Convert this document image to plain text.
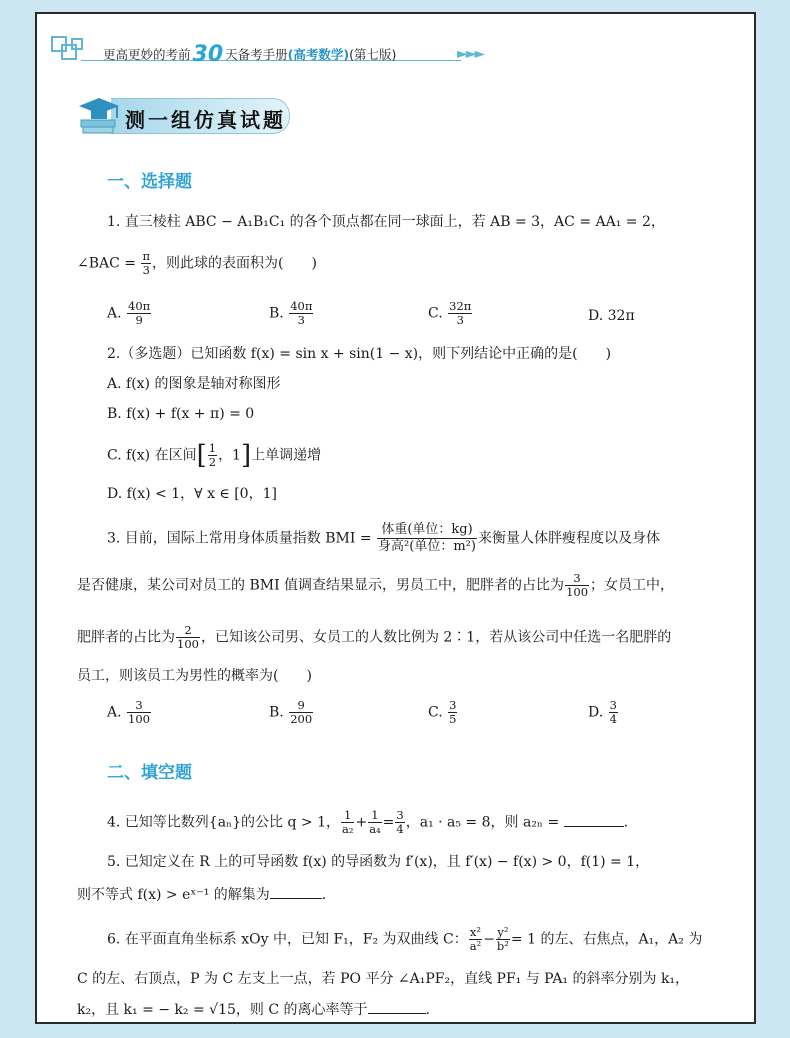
更高更妙的考前30 天备考手册(高考数学)(第七版)	►►►
测一组仿真试题
一、选择题
1. 直三棱柱 ABC − A₁B₁C₁ 的各个顶点都在同一球面上，若 AB = 3，AC = AA₁ = 2，
∠BAC = $\frac{\pi}{3}$ ，则此球的表面积为(　　)
A. $\frac{40\pi}{9}$	B. $\frac{40\pi}{3}$	C. $\frac{32\pi}{3}$	D. 32π
2.（多选题）已知函数 f(x) = sin x + sin(1 − x)，则下列结论中正确的是(　　)
A. f(x) 的图象是轴对称图形
B. f(x) + f(x + π) = 0
C. f(x) 在区间[ $\frac{1}{2}$ ，1]上单调递增
D. f(x) < 1，∀ x ∈ [0，1]
3. 目前，国际上常用身体质量指数 BMI = $\frac{\text{体重(单位：kg)}}{\text{身高²(单位：m²)}}$ 来衡量人体胖瘦程度以及身体
是否健康，某公司对员工的 BMI 值调查结果显示，男员工中，肥胖者的占比为 $\frac{3}{100}$ ；女员工中，
肥胖者的占比为 $\frac{2}{100}$ ，已知该公司男、女员工的人数比例为 2∶1，若从该公司中任选一名肥胖的
员工，则该员工为男性的概率为(　　)
A. $\frac{3}{100}$	B. $\frac{9}{200}$	C. $\frac{3}{5}$	D. $\frac{3}{4}$
二、填空题
4. 已知等比数列{aₙ}的公比 q > 1， $\frac{1}{\text{a₂}} + \frac{1}{\text{a₄}} = \frac{3}{4}$ ，a₁ · a₅ = 8，则 a₂ₙ =	.
5. 已知定义在 R 上的可导函数 f(x) 的导函数为 f′(x)，且 f′(x) − f(x) > 0，f(1) = 1，
则不等式 f(x) > eˣ⁻¹ 的解集为	.
6. 在平面直角坐标系 xOy 中，已知 F₁，F₂ 为双曲线 C： $\frac{\text{x²}}{\text{a²}} - \frac{\text{y²}}{\text{b²}} = 1$ 的左、右焦点，A₁，A₂ 为
C 的左、右顶点，P 为 C 左支上一点，若 PO 平分 ∠A₁PF₂，直线 PF₁ 与 PA₁ 的斜率分别为 k₁，
k₂，且 k₁ = − k₂ = √15，则 C 的离心率等于	.
